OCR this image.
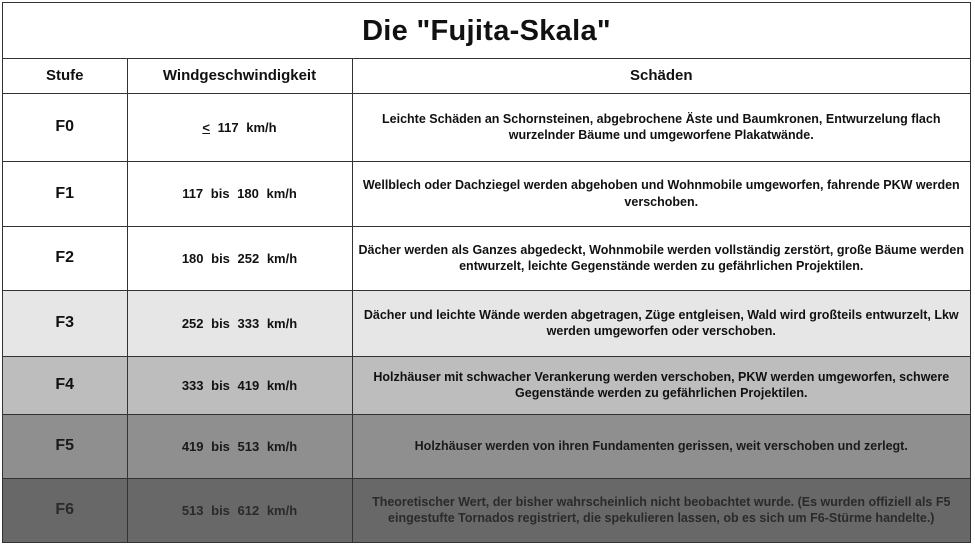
Die "Fujita-Skala"
Stufe	Windgeschwindigkeit	Schäden
F0	≤ 117 km/h	Leichte Schäden an Schornsteinen, abgebrochene Äste und Baumkronen, Entwurzelung flach wurzelnder Bäume und umgeworfene Plakatwände.
F1	117 bis 180 km/h	Wellblech oder Dachziegel werden abgehoben und Wohnmobile umgeworfen, fahrende PKW werden verschoben.
F2	180 bis 252 km/h	Dächer werden als Ganzes abgedeckt, Wohnmobile werden vollständig zerstört, große Bäume werden entwurzelt, leichte Gegenstände werden zu gefährlichen Projektilen.
F3	252 bis 333 km/h	Dächer und leichte Wände werden abgetragen, Züge entgleisen, Wald wird großteils entwurzelt, Lkw werden umgeworfen oder verschoben.
F4	333 bis 419 km/h	Holzhäuser mit schwacher Verankerung werden verschoben, PKW werden umgeworfen, schwere Gegenstände werden zu gefährlichen Projektilen.
F5	419 bis 513 km/h	Holzhäuser werden von ihren Fundamenten gerissen, weit verschoben und zerlegt.
F6	513 bis 612 km/h	Theoretischer Wert, der bisher wahrscheinlich nicht beobachtet wurde. (Es wurden offiziell als F5 eingestufte Tornados registriert, die spekulieren lassen, ob es sich um F6-Stürme handelte.)
